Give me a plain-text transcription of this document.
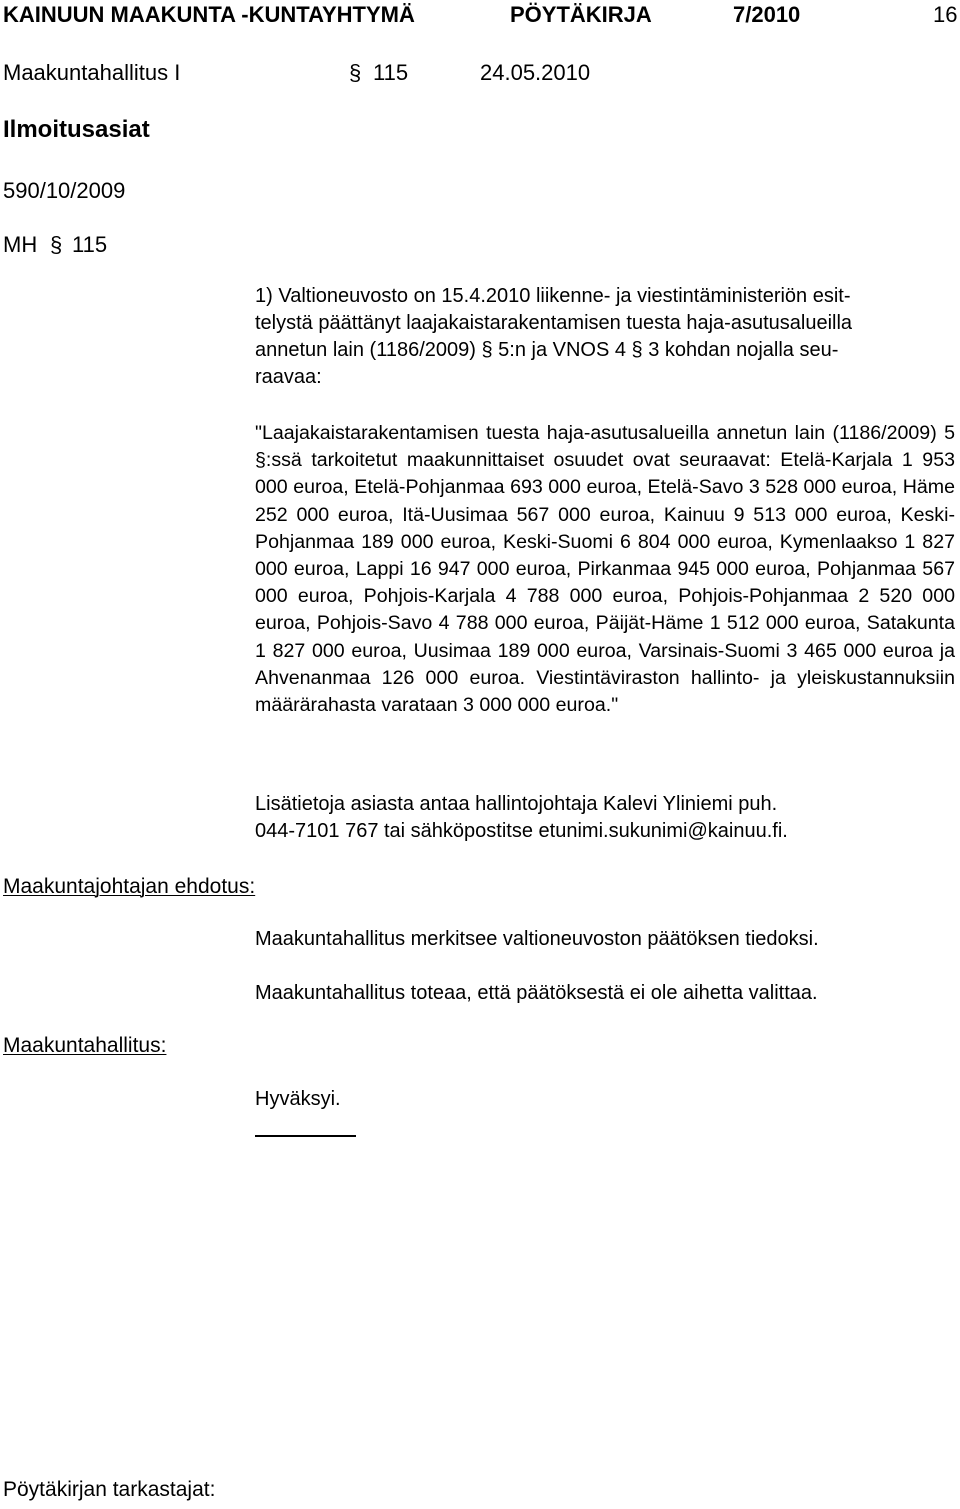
KAINUUN MAAKUNTA -KUNTAYHTYMÄ	PÖYTÄKIRJA	7/2010	16
Maakuntahallitus I	§ 115	24.05.2010
Ilmoitusasiat
590/10/2009
MH § 115
1) Valtioneuvosto on 15.4.2010 liikenne- ja viestintäministeriön esit-
telystä päättänyt laajakaistarakentamisen tuesta haja-asutusalueilla
annetun lain (1186/2009) § 5:n ja VNOS 4 § 3 kohdan nojalla seu-
raavaa:

"Laajakaistarakentamisen tuesta haja-asutusalueilla annetun lain (1186/2009) 5 §:ssä tarkoitetut maakunnittaiset osuudet ovat seuraavat: Etelä-Karjala 1 953 000 euroa, Etelä-Pohjanmaa 693 000 euroa, Etelä-Savo 3 528 000 euroa, Häme 252 000 euroa, Itä-Uusimaa 567 000 euroa, Kainuu 9 513 000 euroa, Keski-Pohjanmaa 189 000 euroa, Keski-Suomi 6 804 000 euroa, Kymenlaakso 1 827 000 euroa, Lappi 16 947 000 euroa, Pirkanmaa 945 000 euroa, Pohjanmaa 567 000 euroa, Pohjois-Karjala 4 788 000 euroa, Pohjois-Pohjanmaa 2 520 000 euroa, Pohjois-Savo 4 788 000 euroa, Päijät-Häme 1 512 000 euroa, Satakunta 1 827 000 euroa, Uusimaa 189 000 euroa, Varsinais-Suomi 3 465 000 euroa ja Ahvenanmaa 126 000 euroa. Viestintäviraston hallinto- ja yleiskustannuksiin määrärahasta varataan 3 000 000 euroa."

Lisätietoja asiasta antaa hallintojohtaja Kalevi Yliniemi puh.
044-7101 767 tai sähköpostitse etunimi.sukunimi@kainuu.fi.
Maakuntajohtajan ehdotus:
Maakuntahallitus merkitsee valtioneuvoston päätöksen tiedoksi.
Maakuntahallitus toteaa, että päätöksestä ei ole aihetta valittaa.
Maakuntahallitus:
Hyväksyi.
Pöytäkirjan tarkastajat:
